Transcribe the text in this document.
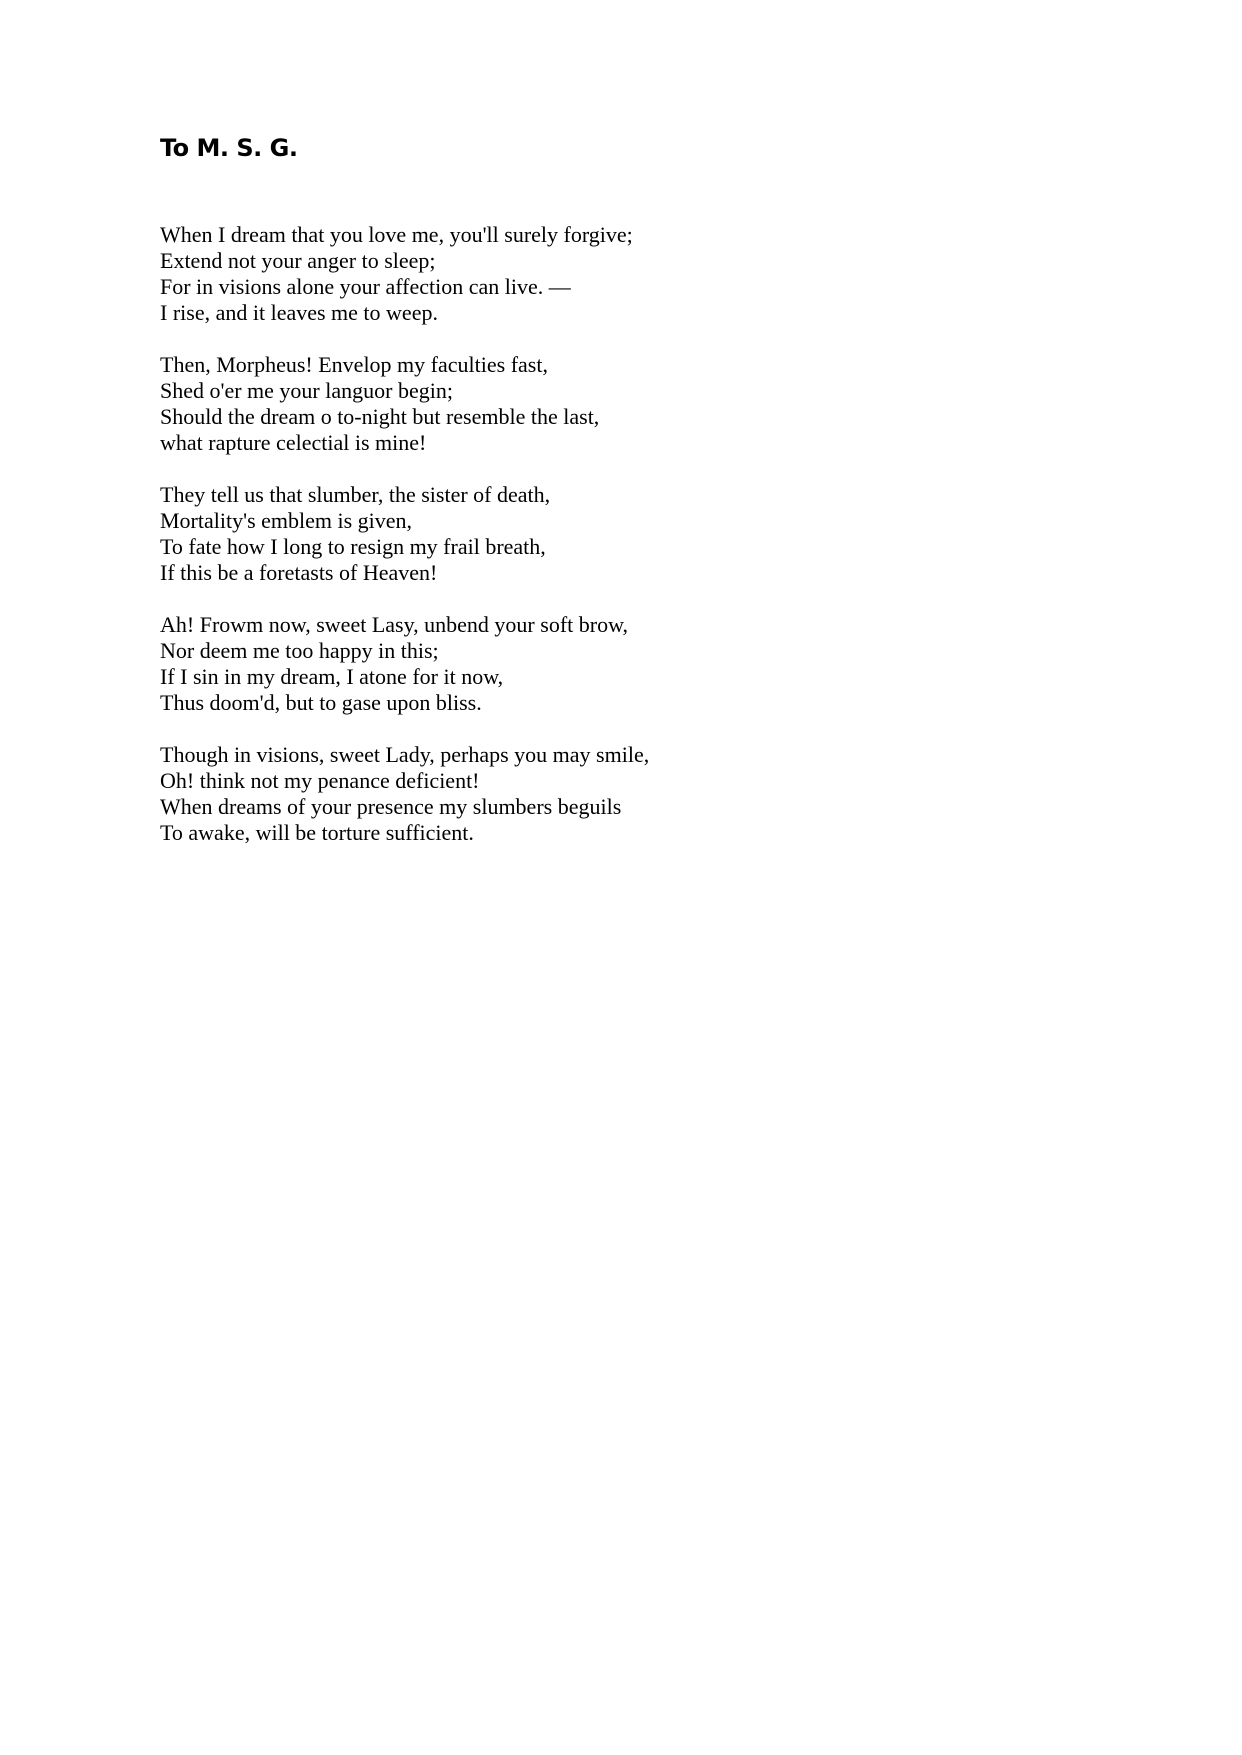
To M. S. G.
When I dream that you love me, you'll surely forgive;
Extend not your anger to sleep;
For in visions alone your affection can live. —
I rise, and it leaves me to weep.
Then, Morpheus! Envelop my faculties fast,
Shed o'er me your languor begin;
Should the dream o to-night but resemble the last,
what rapture celectial is mine!
They tell us that slumber, the sister of death,
Mortality's emblem is given,
To fate how I long to resign my frail breath,
If this be a foretasts of Heaven!
Ah! Frowm now, sweet Lasy, unbend your soft brow,
Nor deem me too happy in this;
If I sin in my dream, I atone for it now,
Thus doom'd, but to gase upon bliss.
Though in visions, sweet Lady, perhaps you may smile,
Oh! think not my penance deficient!
When dreams of your presence my slumbers beguils
To awake, will be torture sufficient.
